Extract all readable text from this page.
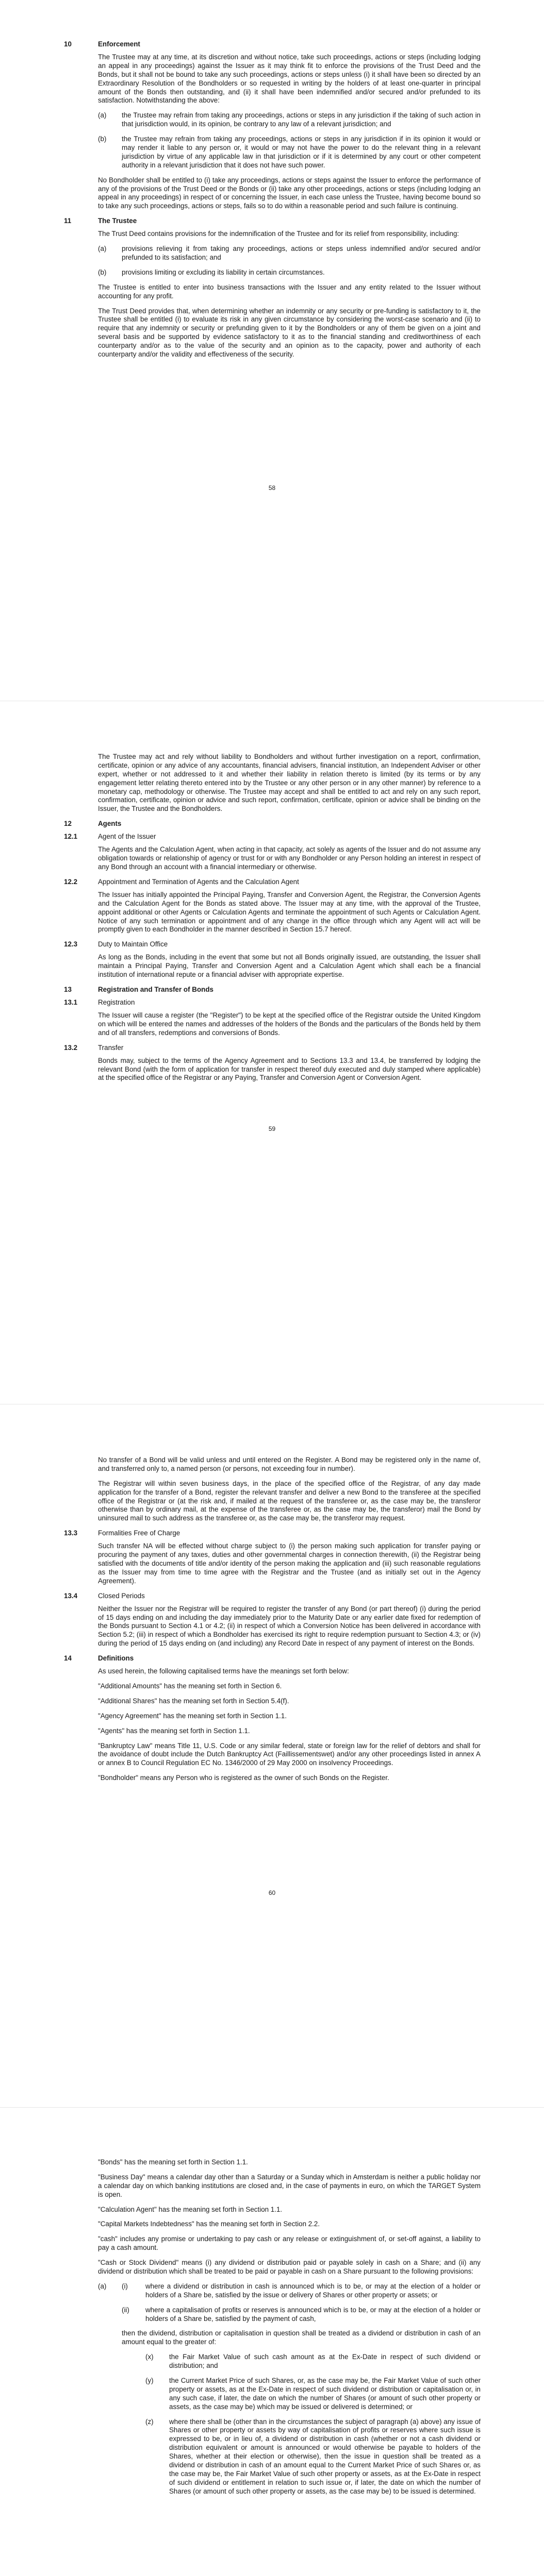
10	Enforcement
The Trustee may at any time, at its discretion and without notice, take such proceedings, actions or steps (including lodging an appeal in any proceedings) against the Issuer as it may think fit to enforce the provisions of the Trust Deed and the Bonds, but it shall not be bound to take any such proceedings, actions or steps unless (i) it shall have been so directed by an Extraordinary Resolution of the Bondholders or so requested in writing by the holders of at least one-quarter in principal amount of the Bonds then outstanding, and (ii) it shall have been indemnified and/or secured and/or prefunded to its satisfaction. Notwithstanding the above:
(a)	the Trustee may refrain from taking any proceedings, actions or steps in any jurisdiction if the taking of such action in that jurisdiction would, in its opinion, be contrary to any law of a relevant jurisdiction; and
(b)	the Trustee may refrain from taking any proceedings, actions or steps in any jurisdiction if in its opinion it would or may render it liable to any person or, it would or may not have the power to do the relevant thing in a relevant jurisdiction by virtue of any applicable law in that jurisdiction or if it is determined by any court or other competent authority in a relevant jurisdiction that it does not have such power.
No Bondholder shall be entitled to (i) take any proceedings, actions or steps against the Issuer to enforce the performance of any of the provisions of the Trust Deed or the Bonds or (ii) take any other proceedings, actions or steps (including lodging an appeal in any proceedings) in respect of or concerning the Issuer, in each case unless the Trustee, having become bound so to take any such proceedings, actions or steps, fails so to do within a reasonable period and such failure is continuing.
11	The Trustee
The Trust Deed contains provisions for the indemnification of the Trustee and for its relief from responsibility, including:
(a)	provisions relieving it from taking any proceedings, actions or steps unless indemnified and/or secured and/or prefunded to its satisfaction; and
(b)	provisions limiting or excluding its liability in certain circumstances.
The Trustee is entitled to enter into business transactions with the Issuer and any entity related to the Issuer without accounting for any profit.
The Trust Deed provides that, when determining whether an indemnity or any security or pre-funding is satisfactory to it, the Trustee shall be entitled (i) to evaluate its risk in any given circumstance by considering the worst-case scenario and (ii) to require that any indemnity or security or prefunding given to it by the Bondholders or any of them be given on a joint and several basis and be supported by evidence satisfactory to it as to the financial standing and creditworthiness of each counterparty and/or as to the value of the security and an opinion as to the capacity, power and authority of each counterparty and/or the validity and effectiveness of the security.
58
The Trustee may act and rely without liability to Bondholders and without further investigation on a report, confirmation, certificate, opinion or any advice of any accountants, financial advisers, financial institution, an Independent Adviser or other expert, whether or not addressed to it and whether their liability in relation thereto is limited (by its terms or by any engagement letter relating thereto entered into by the Trustee or any other person or in any other manner) by reference to a monetary cap, methodology or otherwise. The Trustee may accept and shall be entitled to act and rely on any such report, confirmation, certificate, opinion or advice and such report, confirmation, certificate, opinion or advice shall be binding on the Issuer, the Trustee and the Bondholders.
12	Agents
12.1	Agent of the Issuer
The Agents and the Calculation Agent, when acting in that capacity, act solely as agents of the Issuer and do not assume any obligation towards or relationship of agency or trust for or with any Bondholder or any Person holding an interest in respect of any Bond through an account with a financial intermediary or otherwise.
12.2	Appointment and Termination of Agents and the Calculation Agent
The Issuer has initially appointed the Principal Paying, Transfer and Conversion Agent, the Registrar, the Conversion Agents and the Calculation Agent for the Bonds as stated above. The Issuer may at any time, with the approval of the Trustee, appoint additional or other Agents or Calculation Agents and terminate the appointment of such Agents or Calculation Agent. Notice of any such termination or appointment and of any change in the office through which any Agent will act will be promptly given to each Bondholder in the manner described in Section 15.7 hereof.
12.3	Duty to Maintain Office
As long as the Bonds, including in the event that some but not all Bonds originally issued, are outstanding, the Issuer shall maintain a Principal Paying, Transfer and Conversion Agent and a Calculation Agent which shall each be a financial institution of international repute or a financial adviser with appropriate expertise.
13	Registration and Transfer of Bonds
13.1	Registration
The Issuer will cause a register (the "Register") to be kept at the specified office of the Registrar outside the United Kingdom on which will be entered the names and addresses of the holders of the Bonds and the particulars of the Bonds held by them and of all transfers, redemptions and conversions of Bonds.
13.2	Transfer
Bonds may, subject to the terms of the Agency Agreement and to Sections 13.3 and 13.4, be transferred by lodging the relevant Bond (with the form of application for transfer in respect thereof duly executed and duly stamped where applicable) at the specified office of the Registrar or any Paying, Transfer and Conversion Agent or Conversion Agent.
59
No transfer of a Bond will be valid unless and until entered on the Register. A Bond may be registered only in the name of, and transferred only to, a named person (or persons, not exceeding four in number).
The Registrar will within seven business days, in the place of the specified office of the Registrar, of any day made application for the transfer of a Bond, register the relevant transfer and deliver a new Bond to the transferee at the specified office of the Registrar or (at the risk and, if mailed at the request of the transferee or, as the case may be, the transferor otherwise than by ordinary mail, at the expense of the transferee or, as the case may be, the transferor) mail the Bond by uninsured mail to such address as the transferee or, as the case may be, the transferor may request.
13.3	Formalities Free of Charge
Such transfer NA will be effected without charge subject to (i) the person making such application for transfer paying or procuring the payment of any taxes, duties and other governmental charges in connection therewith, (ii) the Registrar being satisfied with the documents of title and/or identity of the person making the application and (iii) such reasonable regulations as the Issuer may from time to time agree with the Registrar and the Trustee (and as initially set out in the Agency Agreement).
13.4	Closed Periods
Neither the Issuer nor the Registrar will be required to register the transfer of any Bond (or part thereof) (i) during the period of 15 days ending on and including the day immediately prior to the Maturity Date or any earlier date fixed for redemption of the Bonds pursuant to Section 4.1 or 4.2; (ii) in respect of which a Conversion Notice has been delivered in accordance with Section 5.2; (iii) in respect of which a Bondholder has exercised its right to require redemption pursuant to Section 4.3; or (iv) during the period of 15 days ending on (and including) any Record Date in respect of any payment of interest on the Bonds.
14	Definitions
As used herein, the following capitalised terms have the meanings set forth below:
"Additional Amounts" has the meaning set forth in Section 6.
"Additional Shares" has the meaning set forth in Section 5.4(f).
"Agency Agreement" has the meaning set forth in Section 1.1.
"Agents" has the meaning set forth in Section 1.1.
"Bankruptcy Law" means Title 11, U.S. Code or any similar federal, state or foreign law for the relief of debtors and shall for the avoidance of doubt include the Dutch Bankruptcy Act (Faillissementswet) and/or any other proceedings listed in annex A or annex B to Council Regulation EC No. 1346/2000 of 29 May 2000 on insolvency Proceedings.
"Bondholder" means any Person who is registered as the owner of such Bonds on the Register.
60
"Bonds" has the meaning set forth in Section 1.1.
"Business Day" means a calendar day other than a Saturday or a Sunday which in Amsterdam is neither a public holiday nor a calendar day on which banking institutions are closed and, in the case of payments in euro, on which the TARGET System is open.
"Calculation Agent" has the meaning set forth in Section 1.1.
"Capital Markets Indebtedness" has the meaning set forth in Section 2.2.
"cash" includes any promise or undertaking to pay cash or any release or extinguishment of, or set-off against, a liability to pay a cash amount.
"Cash or Stock Dividend" means (i) any dividend or distribution paid or payable solely in cash on a Share; and (ii) any dividend or distribution which shall be treated to be paid or payable in cash on a Share pursuant to the following provisions:
(a)	(i)	where a dividend or distribution in cash is announced which is to be, or may at the election of a holder or holders of a Share be, satisfied by the issue or delivery of Shares or other property or assets; or
(ii)	where a capitalisation of profits or reserves is announced which is to be, or may at the election of a holder or holders of a Share be, satisfied by the payment of cash,
then the dividend, distribution or capitalisation in question shall be treated as a dividend or distribution in cash of an amount equal to the greater of:
(x)	the Fair Market Value of such cash amount as at the Ex-Date in respect of such dividend or distribution; and
(y)	the Current Market Price of such Shares, or, as the case may be, the Fair Market Value of such other property or assets, as at the Ex-Date in respect of such dividend or distribution or capitalisation or, in any such case, if later, the date on which the number of Shares (or amount of such other property or assets, as the case may be) which may be issued or delivered is determined; or
(z)	where there shall be (other than in the circumstances the subject of paragraph (a) above) any issue of Shares or other property or assets by way of capitalisation of profits or reserves where such issue is expressed to be, or in lieu of, a dividend or distribution in cash (whether or not a cash dividend or distribution equivalent or amount is announced or would otherwise be payable to holders of the Shares, whether at their election or otherwise), then the issue in question shall be treated as a dividend or distribution in cash of an amount equal to the Current Market Price of such Shares or, as the case may be, the Fair Market Value of such other property or assets, as at the Ex-Date in respect of such dividend or entitlement in relation to such issue or, if later, the date on which the number of Shares (or amount of such other property or assets, as the case may be) to be issued is determined.
